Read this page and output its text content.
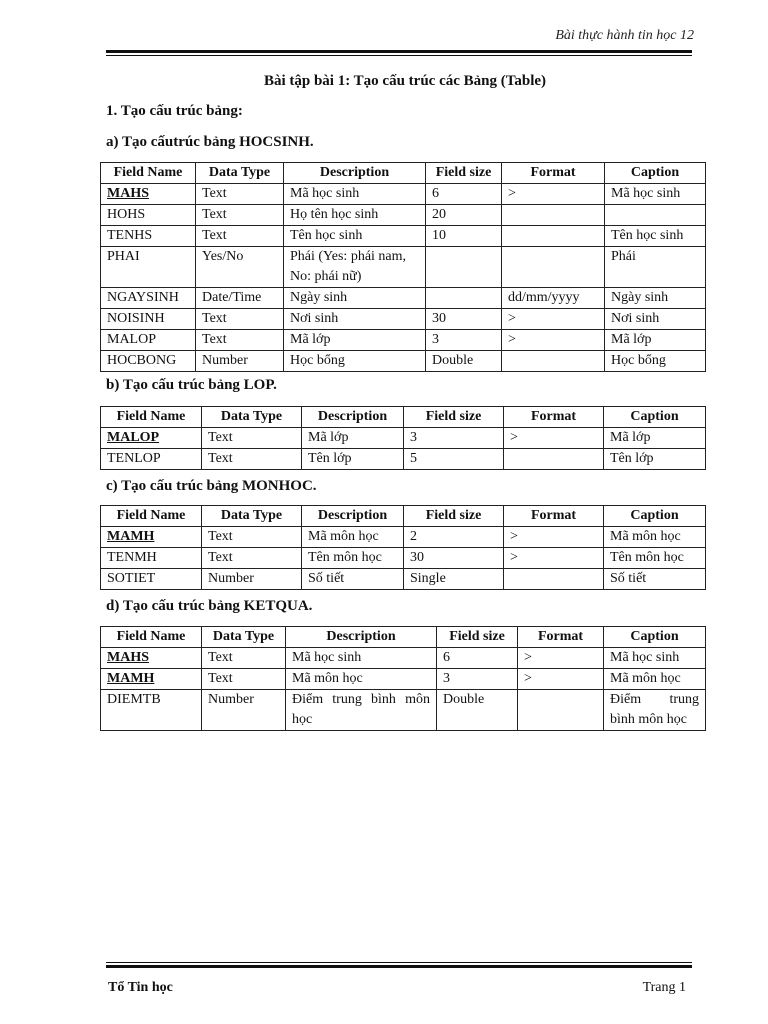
Bài thực hành tin học 12
Bài tập bài 1: Tạo cấu trúc các Bảng (Table)
1. Tạo cấu trúc bảng:
a) Tạo cấutrúc bảng HOCSINH.
Field Name	Data Type	Description	Field size	Format	Caption
MAHS	Text	Mã học sinh	6	>	Mã học sinh
HOHS	Text	Họ tên học sinh	20		
TENHS	Text	Tên học sinh	10		Tên học sinh
PHAI	Yes/No	Phái (Yes: phái nam, No: phái nữ)			Phái
NGAYSINH	Date/Time	Ngày sinh		dd/mm/yyyy	Ngày sinh
NOISINH	Text	Nơi sinh	30	>	Nơi sinh
MALOP	Text	Mã lớp	3	>	Mã lớp
HOCBONG	Number	Học bổng	Double		Học bổng
b) Tạo cấu trúc bảng LOP.
Field Name	Data Type	Description	Field size	Format	Caption
MALOP	Text	Mã lớp	3	>	Mã lớp
TENLOP	Text	Tên lớp	5		Tên lớp
c) Tạo cấu trúc bảng MONHOC.
Field Name	Data Type	Description	Field size	Format	Caption
MAMH	Text	Mã môn học	2	>	Mã môn học
TENMH	Text	Tên môn học	30	>	Tên môn học
SOTIET	Number	Số tiết	Single		Số tiết
d) Tạo cấu trúc bảng KETQUA.
Field Name	Data Type	Description	Field size	Format	Caption
MAHS	Text	Mã học sinh	6	>	Mã học sinh
MAMH	Text	Mã môn học	3	>	Mã môn học
DIEMTB	Number	Điểm trung bình môn học	Double		Điểm trung bình môn học
Tổ Tin học	Trang 1
